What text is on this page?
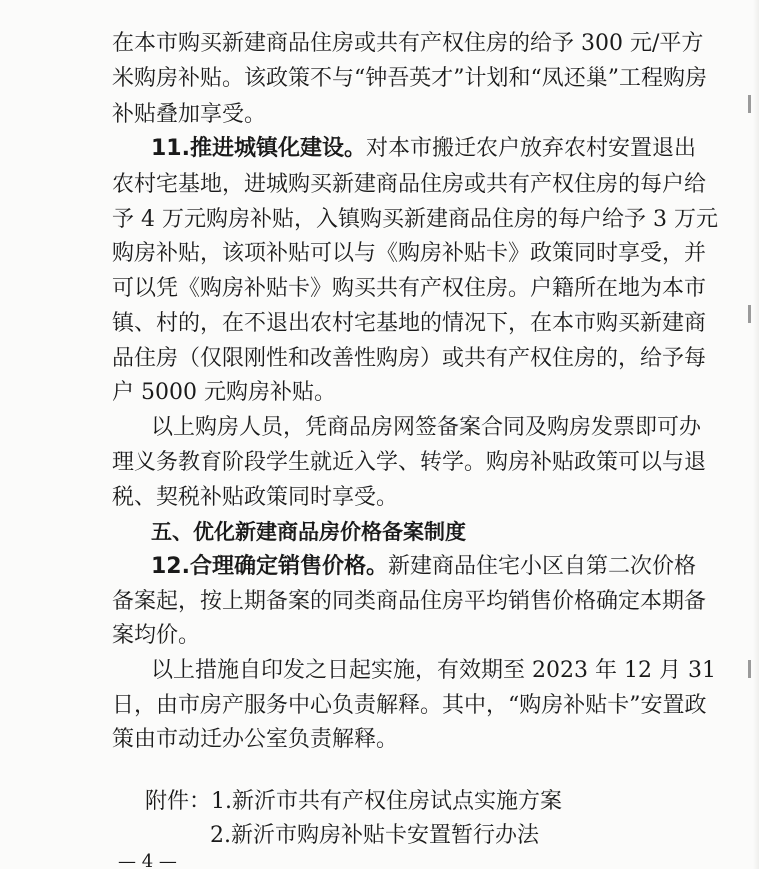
在本市购买新建商品住房或共有产权住房的给予 300 元/平方
米购房补贴。该政策不与“钟吾英才”计划和“凤还巢”工程购房
补贴叠加享受。
11.推进城镇化建设。对本市搬迁农户放弃农村安置退出
农村宅基地，进城购买新建商品住房或共有产权住房的每户给
予 4 万元购房补贴，入镇购买新建商品住房的每户给予 3 万元
购房补贴，该项补贴可以与《购房补贴卡》政策同时享受，并
可以凭《购房补贴卡》购买共有产权住房。户籍所在地为本市
镇、村的，在不退出农村宅基地的情况下，在本市购买新建商
品住房（仅限刚性和改善性购房）或共有产权住房的，给予每
户 5000 元购房补贴。
以上购房人员，凭商品房网签备案合同及购房发票即可办
理义务教育阶段学生就近入学、转学。购房补贴政策可以与退
税、契税补贴政策同时享受。
五、优化新建商品房价格备案制度
12.合理确定销售价格。新建商品住宅小区自第二次价格
备案起，按上期备案的同类商品住房平均销售价格确定本期备
案均价。
以上措施自印发之日起实施，有效期至 2023 年 12 月 31
日，由市房产服务中心负责解释。其中，“购房补贴卡”安置政
策由市动迁办公室负责解释。
附件：1.新沂市共有产权住房试点实施方案
2.新沂市购房补贴卡安置暂行办法
— 4 —
